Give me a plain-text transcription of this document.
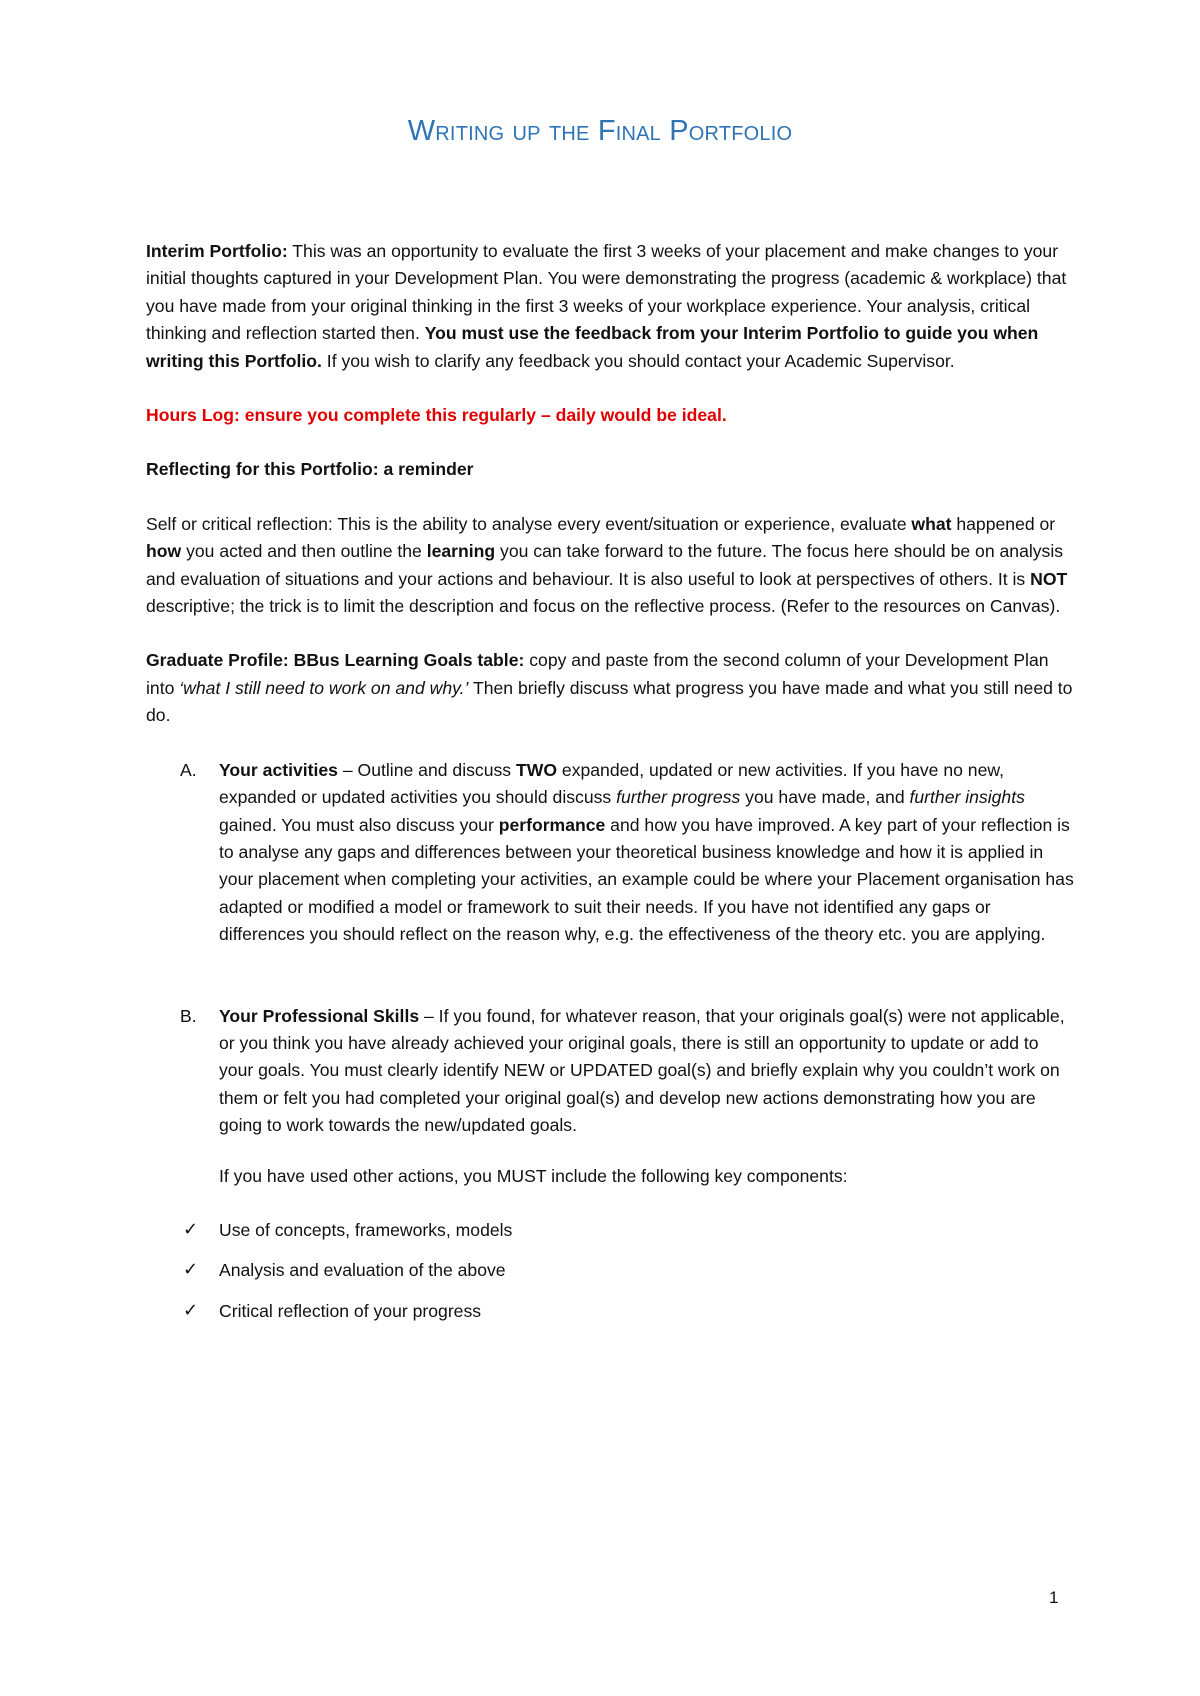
Writing up the Final Portfolio

Interim Portfolio: This was an opportunity to evaluate the first 3 weeks of your placement and make changes to your initial thoughts captured in your Development Plan. You were demonstrating the progress (academic & workplace) that you have made from your original thinking in the first 3 weeks of your workplace experience. Your analysis, critical thinking and reflection started then. You must use the feedback from your Interim Portfolio to guide you when writing this Portfolio. If you wish to clarify any feedback you should contact your Academic Supervisor.

Hours Log: ensure you complete this regularly – daily would be ideal.

Reflecting for this Portfolio: a reminder

Self or critical reflection: This is the ability to analyse every event/situation or experience, evaluate what happened or how you acted and then outline the learning you can take forward to the future. The focus here should be on analysis and evaluation of situations and your actions and behaviour. It is also useful to look at perspectives of others. It is NOT descriptive; the trick is to limit the description and focus on the reflective process. (Refer to the resources on Canvas).

Graduate Profile: BBus Learning Goals table: copy and paste from the second column of your Development Plan into ‘what I still need to work on and why.’ Then briefly discuss what progress you have made and what you still need to do.

A. Your activities – Outline and discuss TWO expanded, updated or new activities. If you have no new, expanded or updated activities you should discuss further progress you have made, and further insights gained. You must also discuss your performance and how you have improved. A key part of your reflection is to analyse any gaps and differences between your theoretical business knowledge and how it is applied in your placement when completing your activities, an example could be where your Placement organisation has adapted or modified a model or framework to suit their needs. If you have not identified any gaps or differences you should reflect on the reason why, e.g. the effectiveness of the theory etc. you are applying.
B. Your Professional Skills – If you found, for whatever reason, that your originals goal(s) were not applicable, or you think you have already achieved your original goals, there is still an opportunity to update or add to your goals. You must clearly identify NEW or UPDATED goal(s) and briefly explain why you couldn’t work on them or felt you had completed your original goal(s) and develop new actions demonstrating how you are going to work towards the new/updated goals.
If you have used other actions, you MUST include the following key components:
✓ Use of concepts, frameworks, models
✓ Analysis and evaluation of the above
✓ Critical reflection of your progress
1
